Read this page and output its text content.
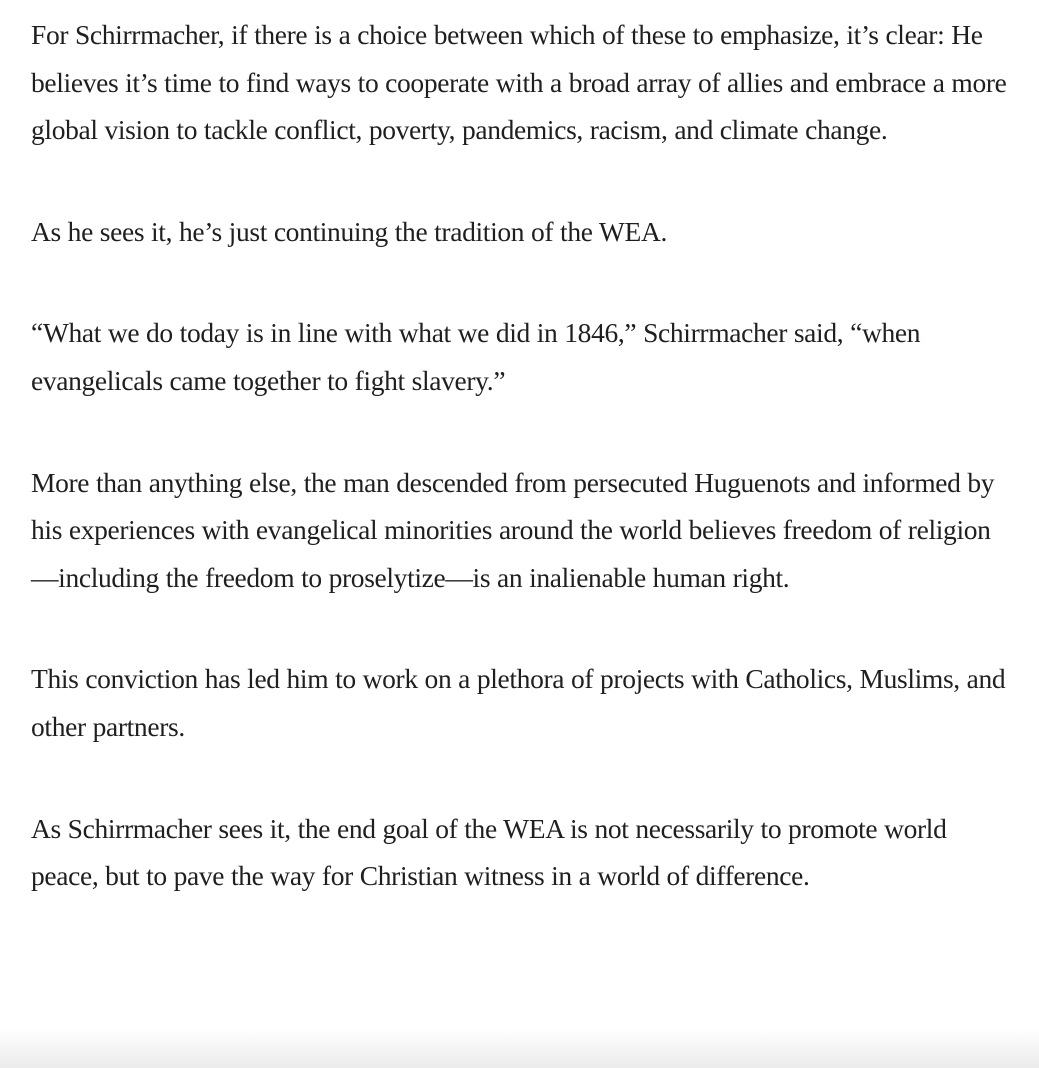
For Schirrmacher, if there is a choice between which of these to emphasize, it’s clear: He believes it’s time to find ways to cooperate with a broad array of allies and embrace a more global vision to tackle conflict, poverty, pandemics, racism, and climate change.

As he sees it, he’s just continuing the tradition of the WEA.

“What we do today is in line with what we did in 1846,” Schirrmacher said, “when evangelicals came together to fight slavery.”

More than anything else, the man descended from persecuted Huguenots and informed by his experiences with evangelical minorities around the world believes freedom of religion—including the freedom to proselytize—is an inalienable human right.

This conviction has led him to work on a plethora of projects with Catholics, Muslims, and other partners.

As Schirrmacher sees it, the end goal of the WEA is not necessarily to promote world peace, but to pave the way for Christian witness in a world of difference.
